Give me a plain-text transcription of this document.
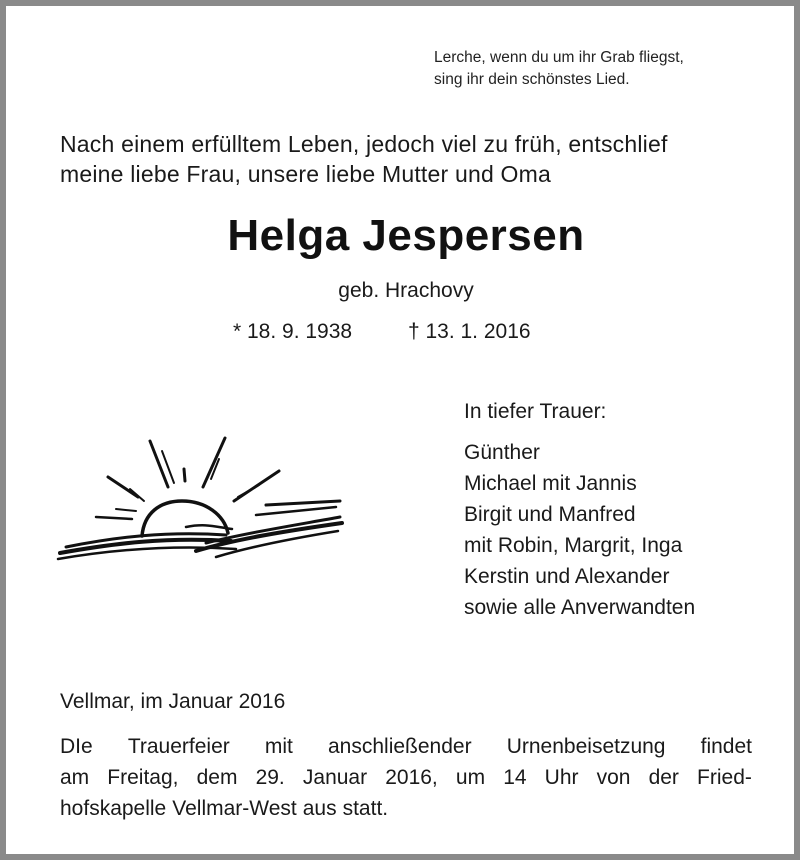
Lerche, wenn du um ihr Grab fliegst,
sing ihr dein schönstes Lied.
Nach einem erfülltem Leben, jedoch viel zu früh, entschlief
meine liebe Frau, unsere liebe Mutter und Oma
Helga Jespersen
geb. Hrachovy
* 18. 9. 1938	† 13. 1. 2016
In tiefer Trauer:
Günther
Michael mit Jannis
Birgit und Manfred
mit Robin, Margrit, Inga
Kerstin und Alexander
sowie alle Anverwandten
Vellmar, im Januar 2016
DIe Trauerfeier mit anschließender Urnenbeisetzung findet
am Freitag, dem 29. Januar 2016, um 14 Uhr von der Fried-
hofskapelle Vellmar-West aus statt.
